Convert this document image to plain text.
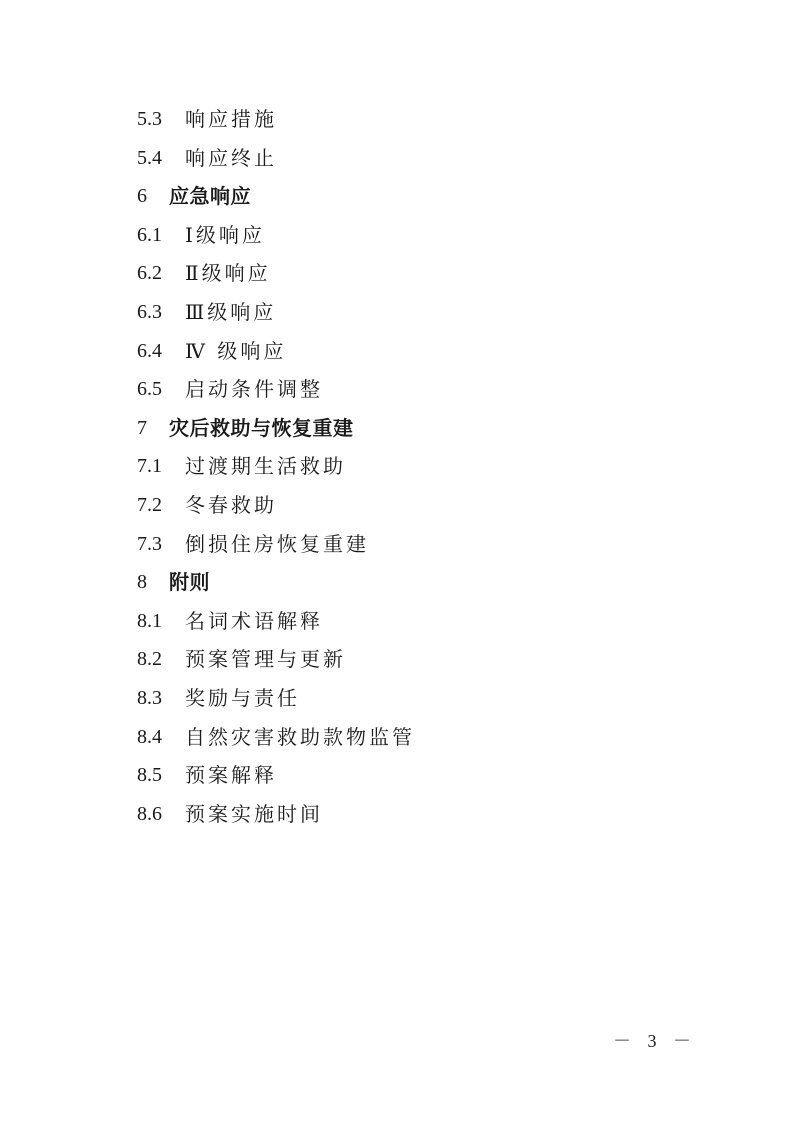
5.3	响应措施
5.4	响应终止
6	应急响应
6.1	Ⅰ级响应
6.2	Ⅱ级响应
6.3	Ⅲ级响应
6.4	Ⅳ 级响应
6.5	启动条件调整
7	灾后救助与恢复重建
7.1	过渡期生活救助
7.2	冬春救助
7.3	倒损住房恢复重建
8	附则
8.1	名词术语解释
8.2	预案管理与更新
8.3	奖励与责任
8.4	自然灾害救助款物监管
8.5	预案解释
8.6	预案实施时间
－ 3 －
